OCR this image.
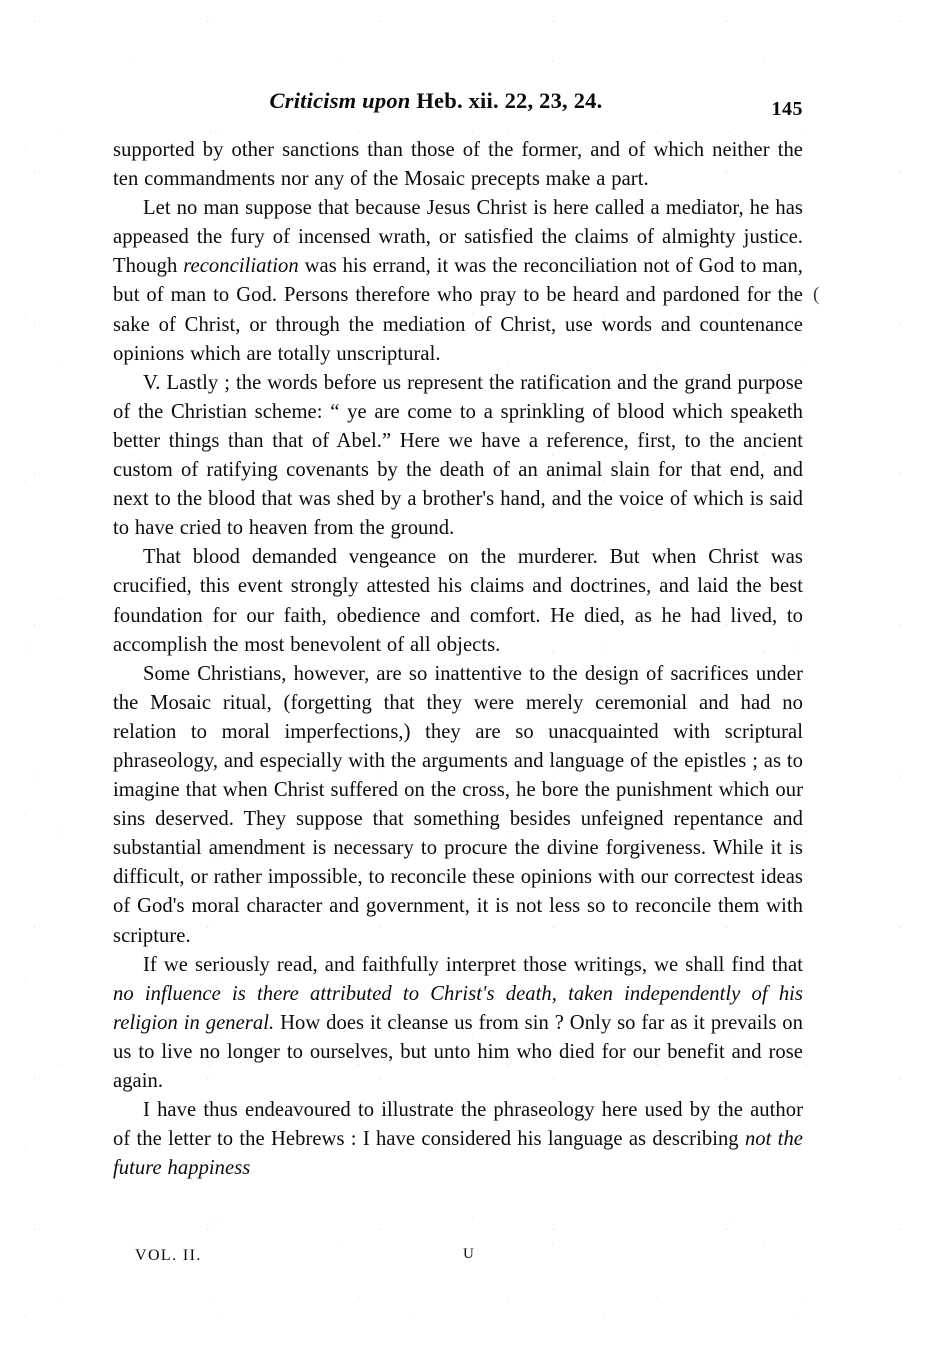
Criticism upon Heb. xii. 22, 23, 24.	145

supported by other sanctions than those of the former, and of which neither the ten commandments nor any of the Mosaic precepts make a part.

Let no man suppose that because Jesus Christ is here called a mediator, he has appeased the fury of incensed wrath, or satisfied the claims of almighty justice. Though reconciliation was his errand, it was the reconciliation not of God to man, but of man to God. Persons therefore who pray to be heard and pardoned for the sake of Christ, or through the mediation of Christ, use words and countenance opinions which are totally unscriptural.

V. Lastly ; the words before us represent the ratification and the grand purpose of the Christian scheme: “ ye are come to a sprinkling of blood which speaketh better things than that of Abel.” Here we have a reference, first, to the ancient custom of ratifying covenants by the death of an animal slain for that end, and next to the blood that was shed by a brother's hand, and the voice of which is said to have cried to heaven from the ground.

That blood demanded vengeance on the murderer. But when Christ was crucified, this event strongly attested his claims and doctrines, and laid the best foundation for our faith, obedience and comfort. He died, as he had lived, to accomplish the most benevolent of all objects.

Some Christians, however, are so inattentive to the design of sacrifices under the Mosaic ritual, (forgetting that they were merely ceremonial and had no relation to moral imperfections,) they are so unacquainted with scriptural phraseology, and especially with the arguments and language of the epistles ; as to imagine that when Christ suffered on the cross, he bore the punishment which our sins deserved. They suppose that something besides unfeigned repentance and substantial amendment is necessary to procure the divine forgiveness. While it is difficult, or rather impossible, to reconcile these opinions with our correctest ideas of God's moral character and government, it is not less so to reconcile them with scripture.

If we seriously read, and faithfully interpret those writings, we shall find that no influence is there attributed to Christ's death, taken independently of his religion in general. How does it cleanse us from sin ? Only so far as it prevails on us to live no longer to ourselves, but unto him who died for our benefit and rose again.

I have thus endeavoured to illustrate the phraseology here used by the author of the letter to the Hebrews : I have considered his language as describing not the future happiness

(
VOL. II.	U
